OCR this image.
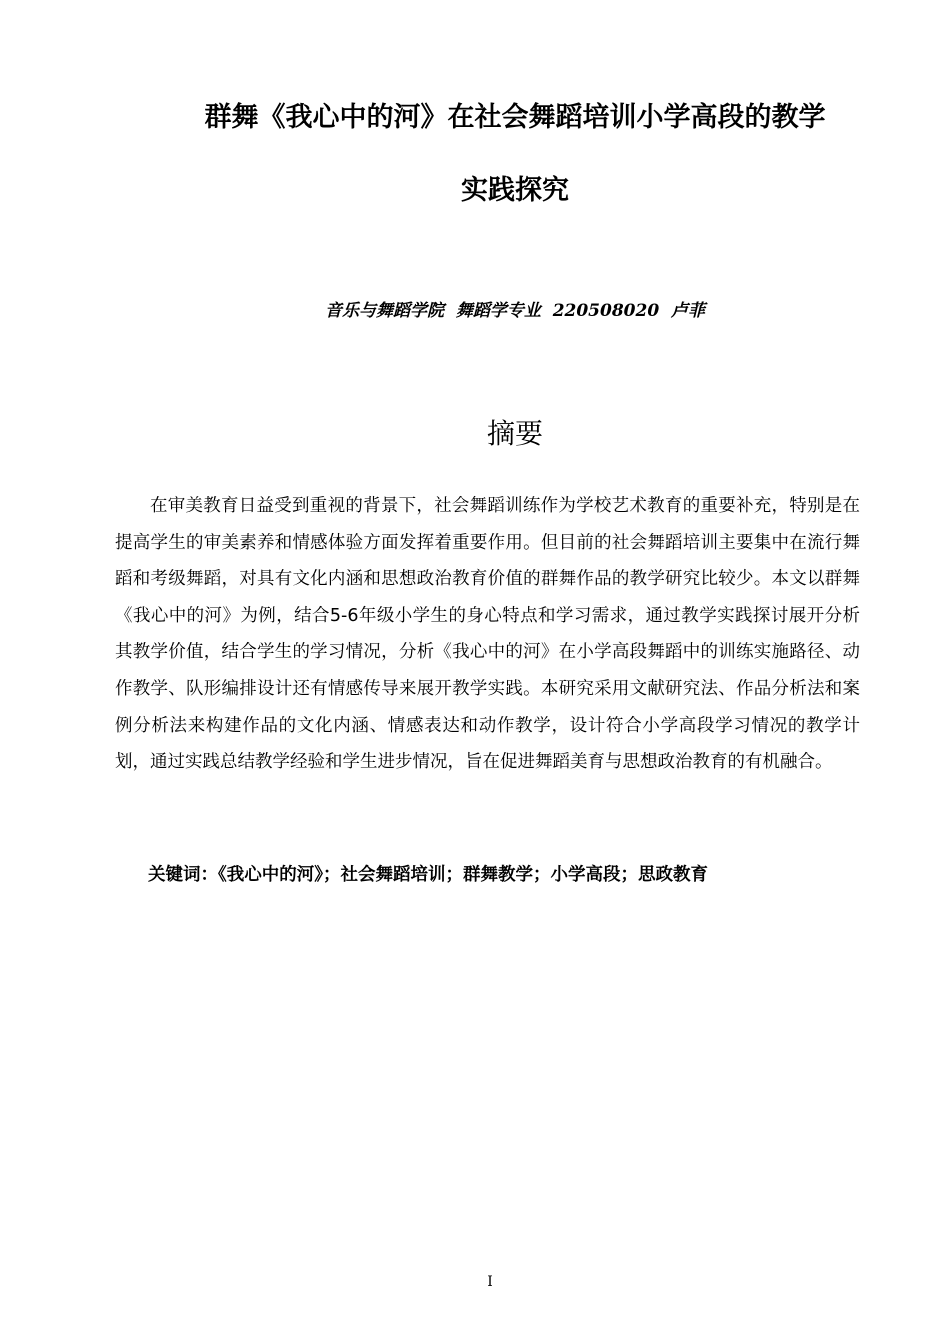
群舞《我心中的河》在社会舞蹈培训小学高段的教学
实践探究
音乐与舞蹈学院  舞蹈学专业  220508020  卢菲
摘要
在审美教育日益受到重视的背景下，社会舞蹈训练作为学校艺术教育的重要补充，特别是在提高学生的审美素养和情感体验方面发挥着重要作用。但目前的社会舞蹈培训主要集中在流行舞蹈和考级舞蹈，对具有文化内涵和思想政治教育价值的群舞作品的教学研究比较少。本文以群舞《我心中的河》为例，结合5-6年级小学生的身心特点和学习需求，通过教学实践探讨展开分析其教学价值，结合学生的学习情况，分析《我心中的河》在小学高段舞蹈中的训练实施路径、动作教学、队形编排设计还有情感传导来展开教学实践。本研究采用文献研究法、作品分析法和案例分析法来构建作品的文化内涵、情感表达和动作教学，设计符合小学高段学习情况的教学计划，通过实践总结教学经验和学生进步情况，旨在促进舞蹈美育与思想政治教育的有机融合。
关键词：《我心中的河》；社会舞蹈培训；群舞教学；小学高段；思政教育
I
